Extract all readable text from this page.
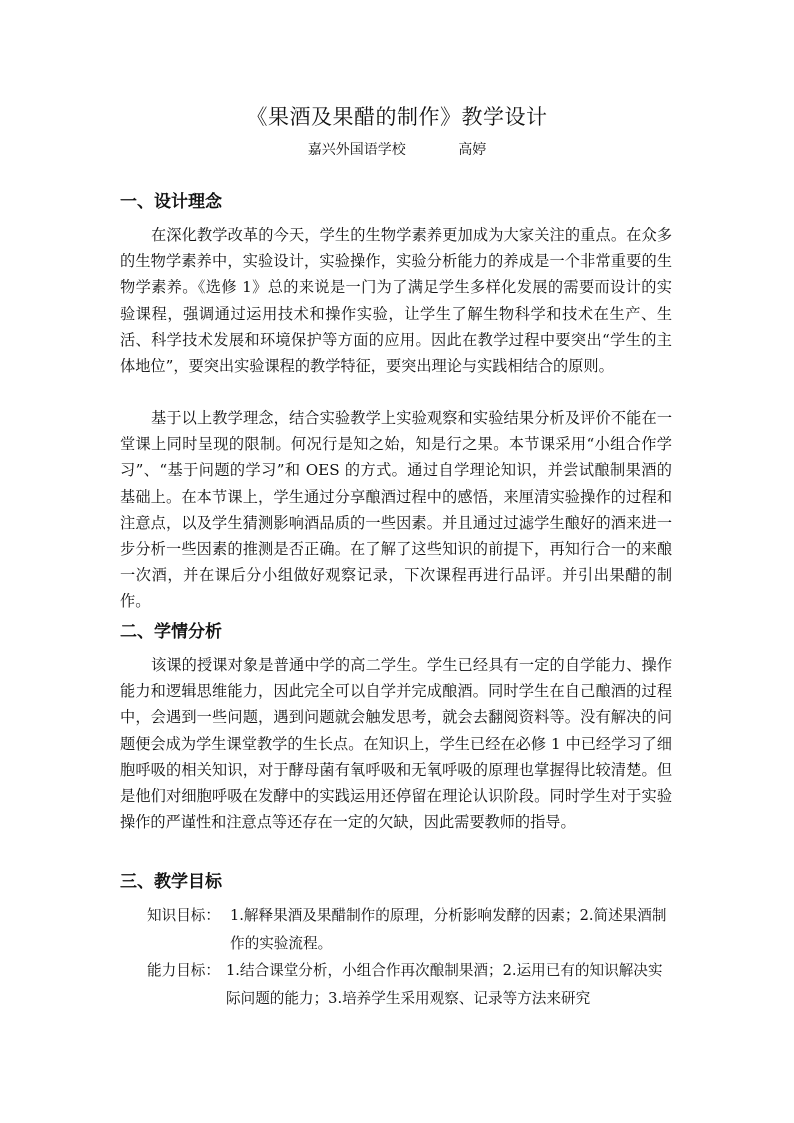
《果酒及果醋的制作》教学设计
嘉兴外国语学校	高婷
一、设计理念

在深化教学改革的今天，学生的生物学素养更加成为大家关注的重点。在众多的生物学素养中，实验设计，实验操作，实验分析能力的养成是一个非常重要的生物学素养。《选修 1》总的来说是一门为了满足学生多样化发展的需要而设计的实验课程，强调通过运用技术和操作实验，让学生了解生物科学和技术在生产、生活、科学技术发展和环境保护等方面的应用。因此在教学过程中要突出“学生的主体地位”，要突出实验课程的教学特征，要突出理论与实践相结合的原则。

基于以上教学理念，结合实验教学上实验观察和实验结果分析及评价不能在一堂课上同时呈现的限制。何况行是知之始，知是行之果。本节课采用“小组合作学习”、“基于问题的学习”和 OES 的方式。通过自学理论知识，并尝试酿制果酒的基础上。在本节课上，学生通过分享酿酒过程中的感悟，来厘清实验操作的过程和注意点，以及学生猜测影响酒品质的一些因素。并且通过过滤学生酿好的酒来进一步分析一些因素的推测是否正确。在了解了这些知识的前提下，再知行合一的来酿一次酒，并在课后分小组做好观察记录，下次课程再进行品评。并引出果醋的制作。

二、学情分析

该课的授课对象是普通中学的高二学生。学生已经具有一定的自学能力、操作能力和逻辑思维能力，因此完全可以自学并完成酿酒。同时学生在自己酿酒的过程中，会遇到一些问题，遇到问题就会触发思考，就会去翻阅资料等。没有解决的问题便会成为学生课堂教学的生长点。在知识上，学生已经在必修 1 中已经学习了细胞呼吸的相关知识，对于酵母菌有氧呼吸和无氧呼吸的原理也掌握得比较清楚。但是他们对细胞呼吸在发酵中的实践运用还停留在理论认识阶段。同时学生对于实验操作的严谨性和注意点等还存在一定的欠缺，因此需要教师的指导。

三、教学目标
知识目标： 1.解释果酒及果醋制作的原理，分析影响发酵的因素；2.简述果酒制作的实验流程。

能力目标： 1.结合课堂分析，小组合作再次酿制果酒；2.运用已有的知识解决实际问题的能力；3.培养学生采用观察、记录等方法来研究
